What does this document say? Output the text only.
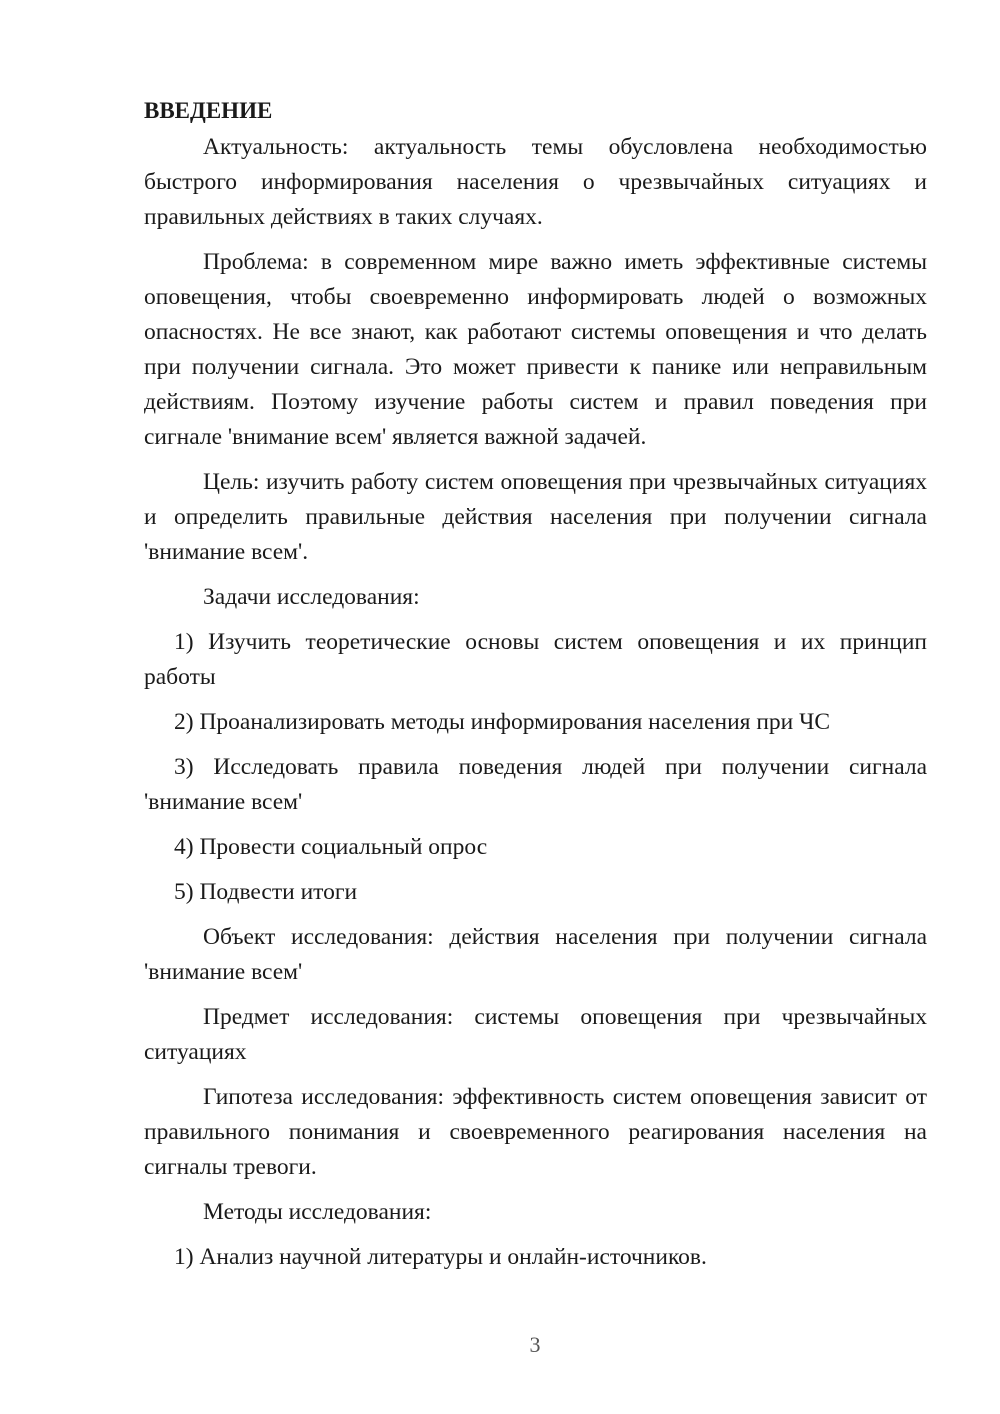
ВВЕДЕНИЕ

Актуальность: актуальность темы обусловлена необходимостью быстрого информирования населения о чрезвычайных ситуациях и правильных действиях в таких случаях.

Проблема: в современном мире важно иметь эффективные системы оповещения, чтобы своевременно информировать людей о возможных опасностях. Не все знают, как работают системы оповещения и что делать при получении сигнала. Это может привести к панике или неправильным действиям. Поэтому изучение работы систем и правил поведения при сигнале 'внимание всем' является важной задачей.

Цель: изучить работу систем оповещения при чрезвычайных ситуациях и определить правильные действия населения при получении сигнала 'внимание всем'.

Задачи исследования:

1) Изучить теоретические основы систем оповещения и их принцип работы

2) Проанализировать методы информирования населения при ЧС

3) Исследовать правила поведения людей при получении сигнала 'внимание всем'

4) Провести социальный опрос

5) Подвести итоги

Объект исследования: действия населения при получении сигнала 'внимание всем'

Предмет исследования: системы оповещения при чрезвычайных ситуациях

Гипотеза исследования: эффективность систем оповещения зависит от правильного понимания и своевременного реагирования населения на сигналы тревоги.

Методы исследования:

1) Анализ научной литературы и онлайн-источников.

3
